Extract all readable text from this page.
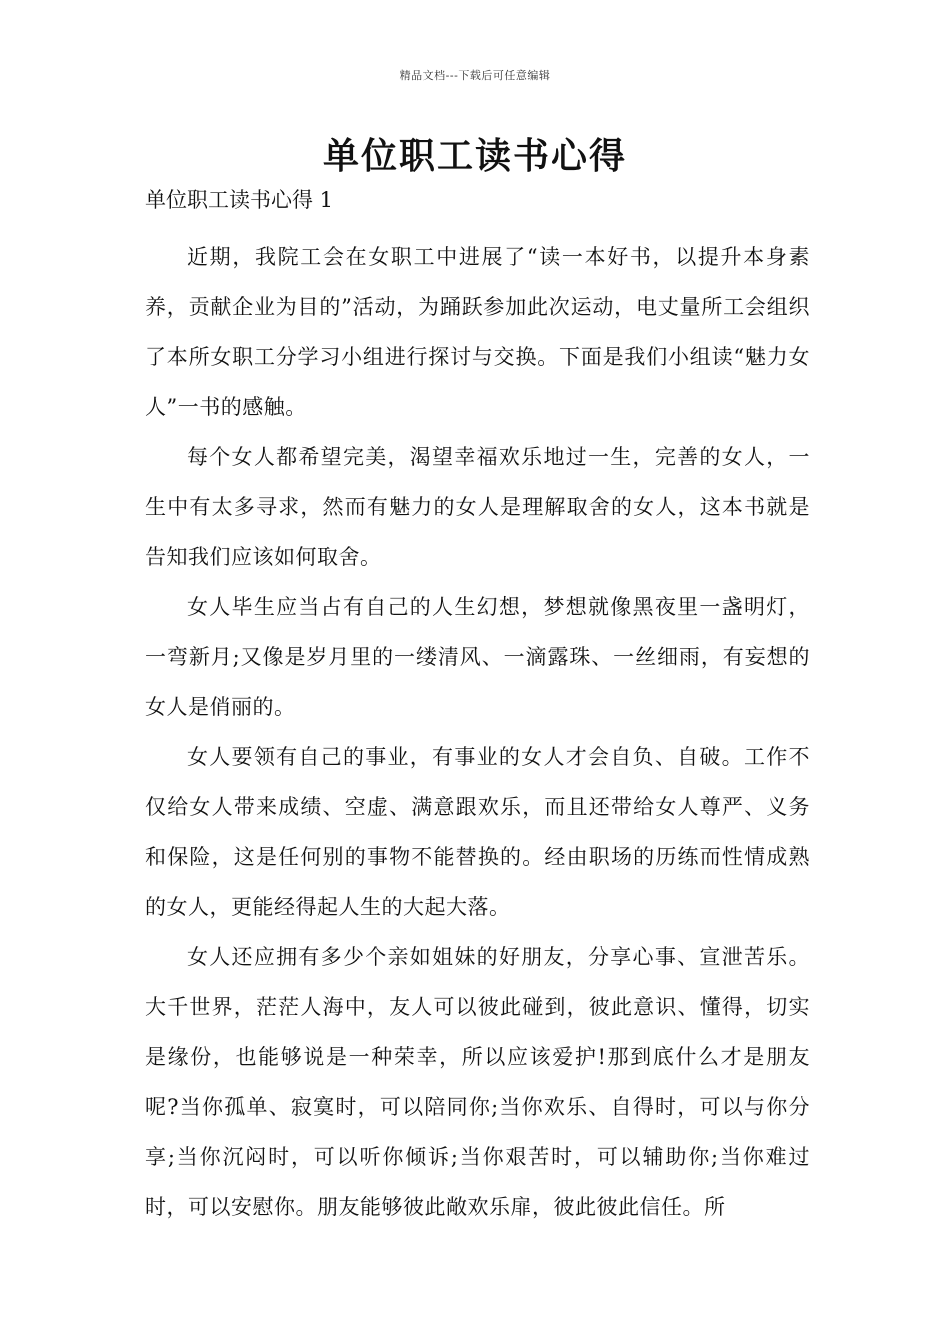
精品文档---下载后可任意编辑
单位职工读书心得
单位职工读书心得 1

近期，我院工会在女职工中进展了“读一本好书，以提升本身素养，贡献企业为目的”活动，为踊跃参加此次运动，电丈量所工会组织了本所女职工分学习小组进行探讨与交换。下面是我们小组读“魅力女人”一书的感触。

每个女人都希望完美，渴望幸福欢乐地过一生，完善的女人，一生中有太多寻求，然而有魅力的女人是理解取舍的女人，这本书就是告知我们应该如何取舍。

女人毕生应当占有自己的人生幻想，梦想就像黑夜里一盏明灯，一弯新月;又像是岁月里的一缕清风、一滴露珠、一丝细雨，有妄想的女人是俏丽的。

女人要领有自己的事业，有事业的女人才会自负、自破。工作不仅给女人带来成绩、空虚、满意跟欢乐，而且还带给女人尊严、义务和保险，这是任何别的事物不能替换的。经由职场的历练而性情成熟的女人，更能经得起人生的大起大落。

女人还应拥有多少个亲如姐妹的好朋友，分享心事、宣泄苦乐。大千世界，茫茫人海中，友人可以彼此碰到，彼此意识、懂得，切实是缘份，也能够说是一种荣幸，所以应该爱护!那到底什么才是朋友呢?当你孤单、寂寞时，可以陪同你;当你欢乐、自得时，可以与你分享;当你沉闷时，可以听你倾诉;当你艰苦时，可以辅助你;当你难过时，可以安慰你。朋友能够彼此敞欢乐扉，彼此彼此信任。所
